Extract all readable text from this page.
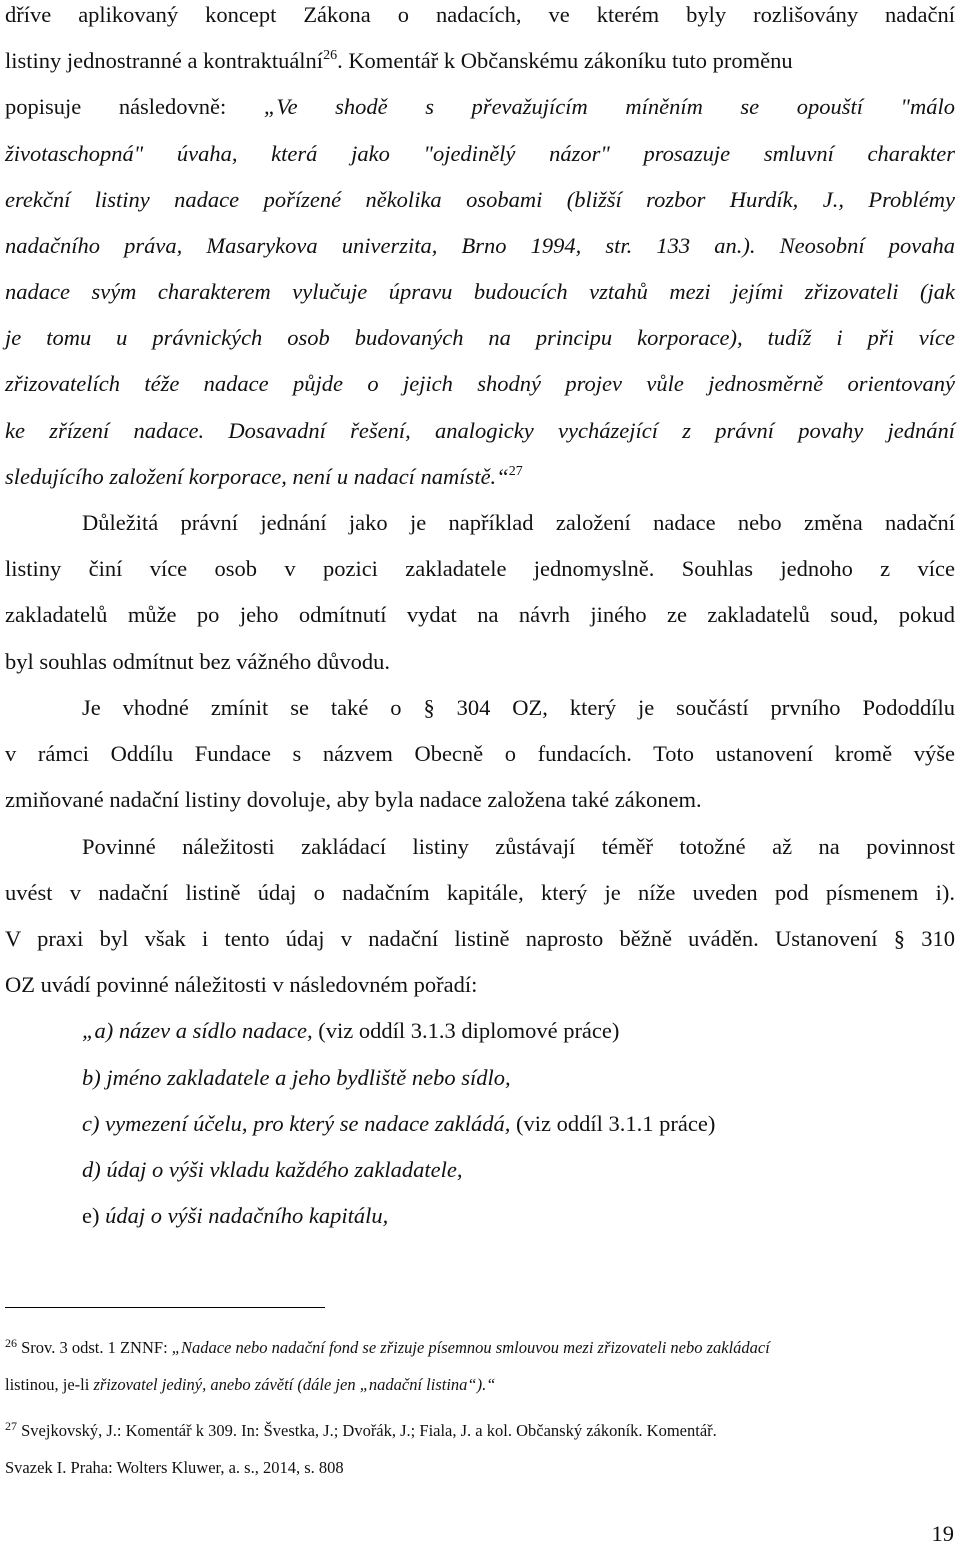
dříve aplikovaný koncept Zákona o nadacích, ve kterém byly rozlišovány nadační
listiny jednostranné a kontraktuální$^{26}$. Komentář k Občanskému zákoníku tuto proměnu
popisuje následovně: „Ve shodě s převažujícím míněním se opouští "málo
životaschopná" úvaha, která jako "ojedinělý názor" prosazuje smluvní charakter
erekční listiny nadace pořízené několika osobami (bližší rozbor Hurdík, J., Problémy
nadačního práva, Masarykova univerzita, Brno 1994, str. 133 an.). Neosobní povaha
nadace svým charakterem vylučuje úpravu budoucích vztahů mezi jejími zřizovateli (jak
je tomu u právnických osob budovaných na principu korporace), tudíž i při více
zřizovatelích téže nadace půjde o jejich shodný projev vůle jednosměrně orientovaný
ke zřízení nadace. Dosavadní řešení, analogicky vycházející z právní povahy jednání
sledujícího založení korporace, není u nadací namístě.“$^{27}$
Důležitá právní jednání jako je například založení nadace nebo změna nadační
listiny činí více osob v pozici zakladatele jednomyslně. Souhlas jednoho z více
zakladatelů může po jeho odmítnutí vydat na návrh jiného ze zakladatelů soud, pokud
byl souhlas odmítnut bez vážného důvodu.
Je vhodné zmínit se také o § 304 OZ, který je součástí prvního Pododdílu
v rámci Oddílu Fundace s názvem Obecně o fundacích. Toto ustanovení kromě výše
zmiňované nadační listiny dovoluje, aby byla nadace založena také zákonem.
Povinné náležitosti zakládací listiny zůstávají téměř totožné až na povinnost
uvést v nadační listině údaj o nadačním kapitále, který je níže uveden pod písmenem i).
V praxi byl však i tento údaj v nadační listině naprosto běžně uváděn. Ustanovení § 310
OZ uvádí povinné náležitosti v následovném pořadí:
„a) název a sídlo nadace, (viz oddíl 3.1.3 diplomové práce)
b) jméno zakladatele a jeho bydliště nebo sídlo,
c) vymezení účelu, pro který se nadace zakládá, (viz oddíl 3.1.1 práce)
d) údaj o výši vkladu každého zakladatele,
e) údaj o výši nadačního kapitálu,
$^{26}$ Srov. 3 odst. 1 ZNNF: „Nadace nebo nadační fond se zřizuje písemnou smlouvou mezi zřizovateli nebo zakládací
listinou, je-li zřizovatel jediný, anebo závětí (dále jen „nadační listina“).“
$^{27}$ Svejkovský, J.: Komentář k 309. In: Švestka, J.; Dvořák, J.; Fiala, J. a kol. Občanský zákoník. Komentář.
Svazek I. Praha: Wolters Kluwer, a. s., 2014, s. 808
19
